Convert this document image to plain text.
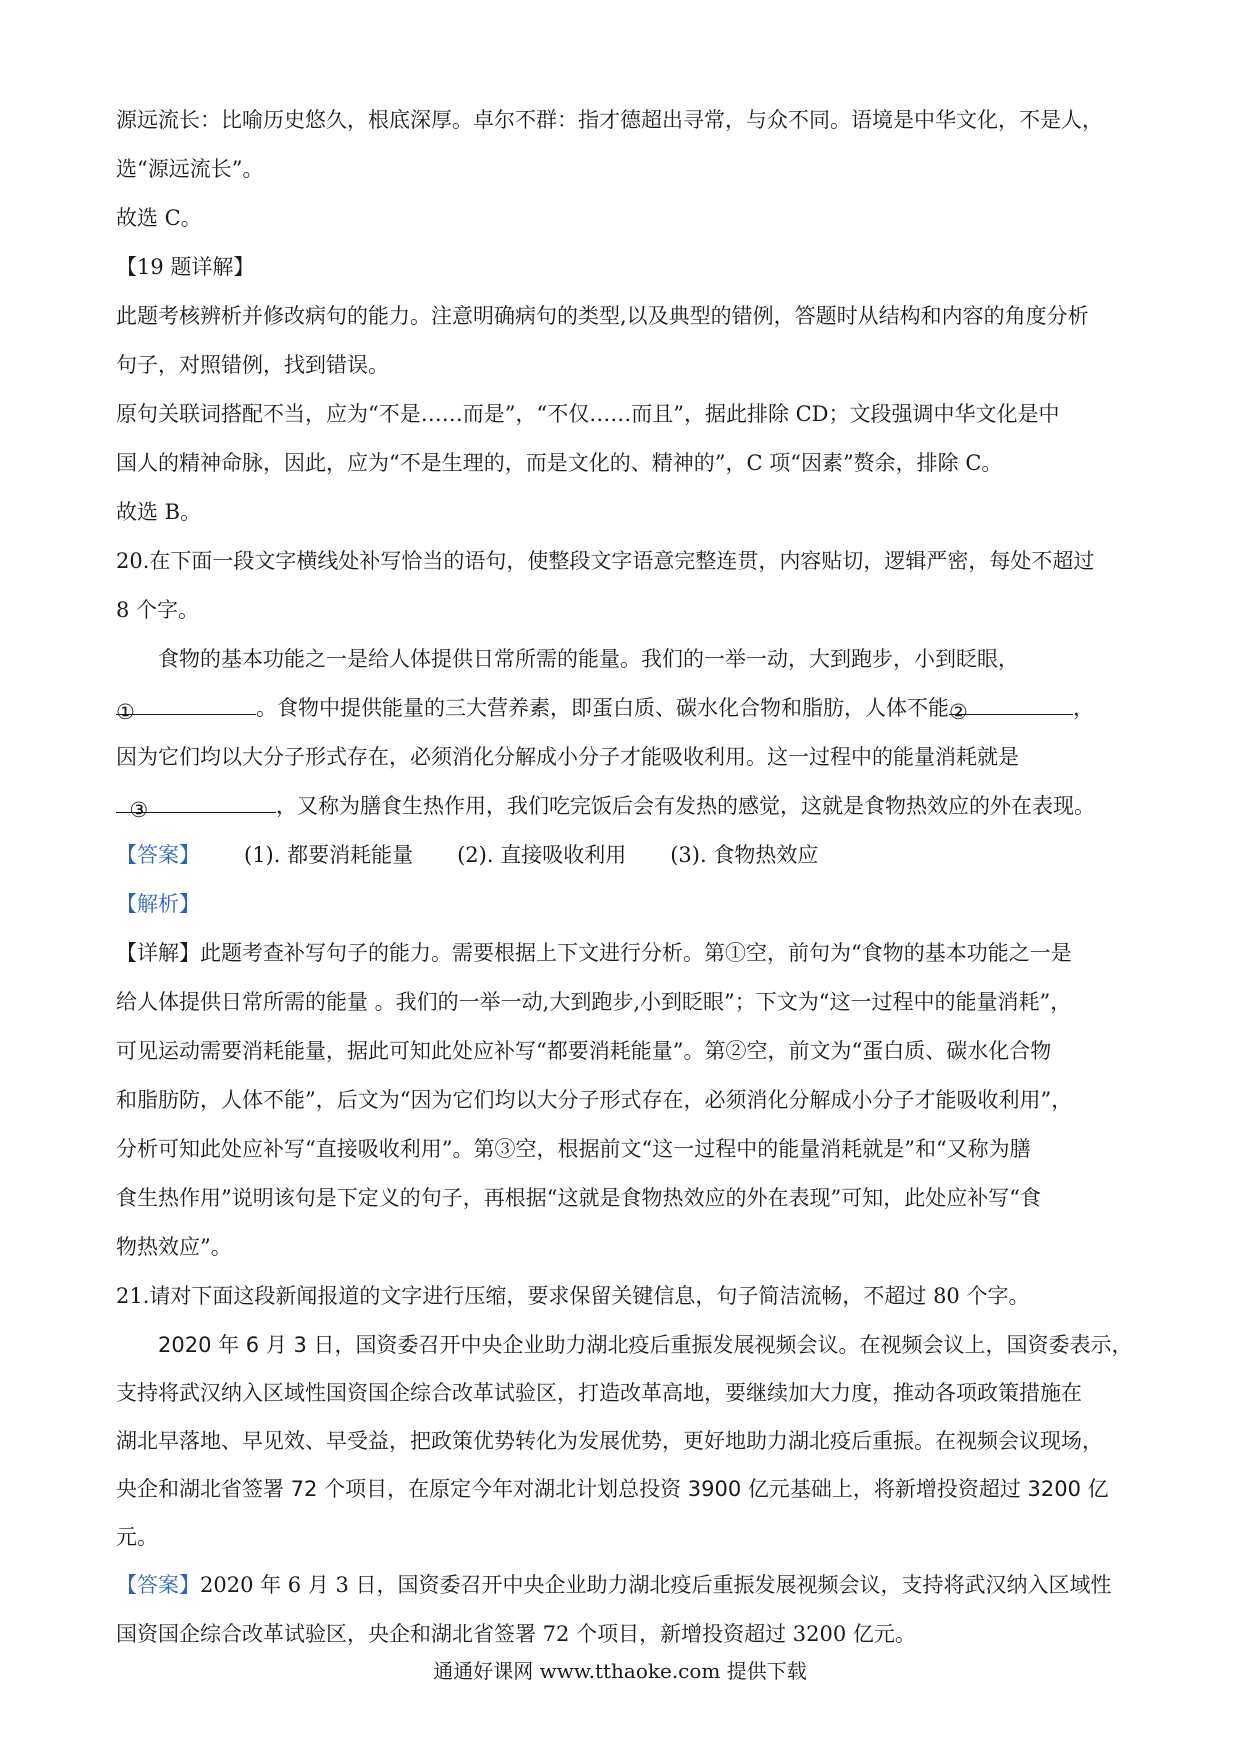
源远流长：比喻历史悠久，根底深厚。卓尔不群：指才德超出寻常，与众不同。语境是中华文化，不是人，

选“源远流长”。

故选 C。

【19 题详解】

此题考核辨析并修改病句的能力。注意明确病句的类型,以及典型的错例，答题时从结构和内容的角度分析

句子，对照错例，找到错误。

原句关联词搭配不当，应为“不是……而是”，“不仅……而且”，据此排除 CD；文段强调中华文化是中

国人的精神命脉，因此，应为“不是生理的，而是文化的、精神的”，C 项“因素”赘余，排除 C。

故选 B。

20.在下面一段文字横线处补写恰当的语句，使整段文字语意完整连贯，内容贴切，逻辑严密，每处不超过

8 个字。

食物的基本功能之一是给人体提供日常所需的能量。我们的一举一动，大到跑步，小到眨眼，

①	。食物中提供能量的三大营养素，即蛋白质、碳水化合物和脂肪，人体不能②	，

因为它们均以大分子形式存在，必须消化分解成小分子才能吸收利用。这一过程中的能量消耗就是

③	，又称为膳食生热作用，我们吃完饭后会有发热的感觉，这就是食物热效应的外在表现。

【答案】 (1). 都要消耗能量 (2). 直接吸收利用 (3). 食物热效应

【解析】

【详解】此题考查补写句子的能力。需要根据上下文进行分析。第①空，前句为“食物的基本功能之一是

给人体提供日常所需的能量 。我们的一举一动,大到跑步,小到眨眼”；下文为“这一过程中的能量消耗”，

可见运动需要消耗能量，据此可知此处应补写“都要消耗能量”。第②空，前文为“蛋白质、碳水化合物

和脂肪防，人体不能”，后文为“因为它们均以大分子形式存在，必须消化分解成小分子才能吸收利用”，

分析可知此处应补写“直接吸收利用”。第③空，根据前文“这一过程中的能量消耗就是”和“又称为膳

食生热作用”说明该句是下定义的句子，再根据“这就是食物热效应的外在表现”可知，此处应补写“食

物热效应”。

21.请对下面这段新闻报道的文字进行压缩，要求保留关键信息，句子简洁流畅，不超过 80 个字。

2020 年 6 月 3 日，国资委召开中央企业助力湖北疫后重振发展视频会议。在视频会议上，国资委表示，

支持将武汉纳入区域性国资国企综合改革试验区，打造改革高地，要继续加大力度，推动各项政策措施在

湖北早落地、早见效、早受益，把政策优势转化为发展优势，更好地助力湖北疫后重振。在视频会议现场，

央企和湖北省签署 72 个项目，在原定今年对湖北计划总投资 3900 亿元基础上，将新增投资超过 3200 亿元。

【答案】2020 年 6 月 3 日，国资委召开中央企业助力湖北疫后重振发展视频会议，支持将武汉纳入区域性

国资国企综合改革试验区，央企和湖北省签署 72 个项目，新增投资超过 3200 亿元。

通通好课网 www.tthaoke.com 提供下载
